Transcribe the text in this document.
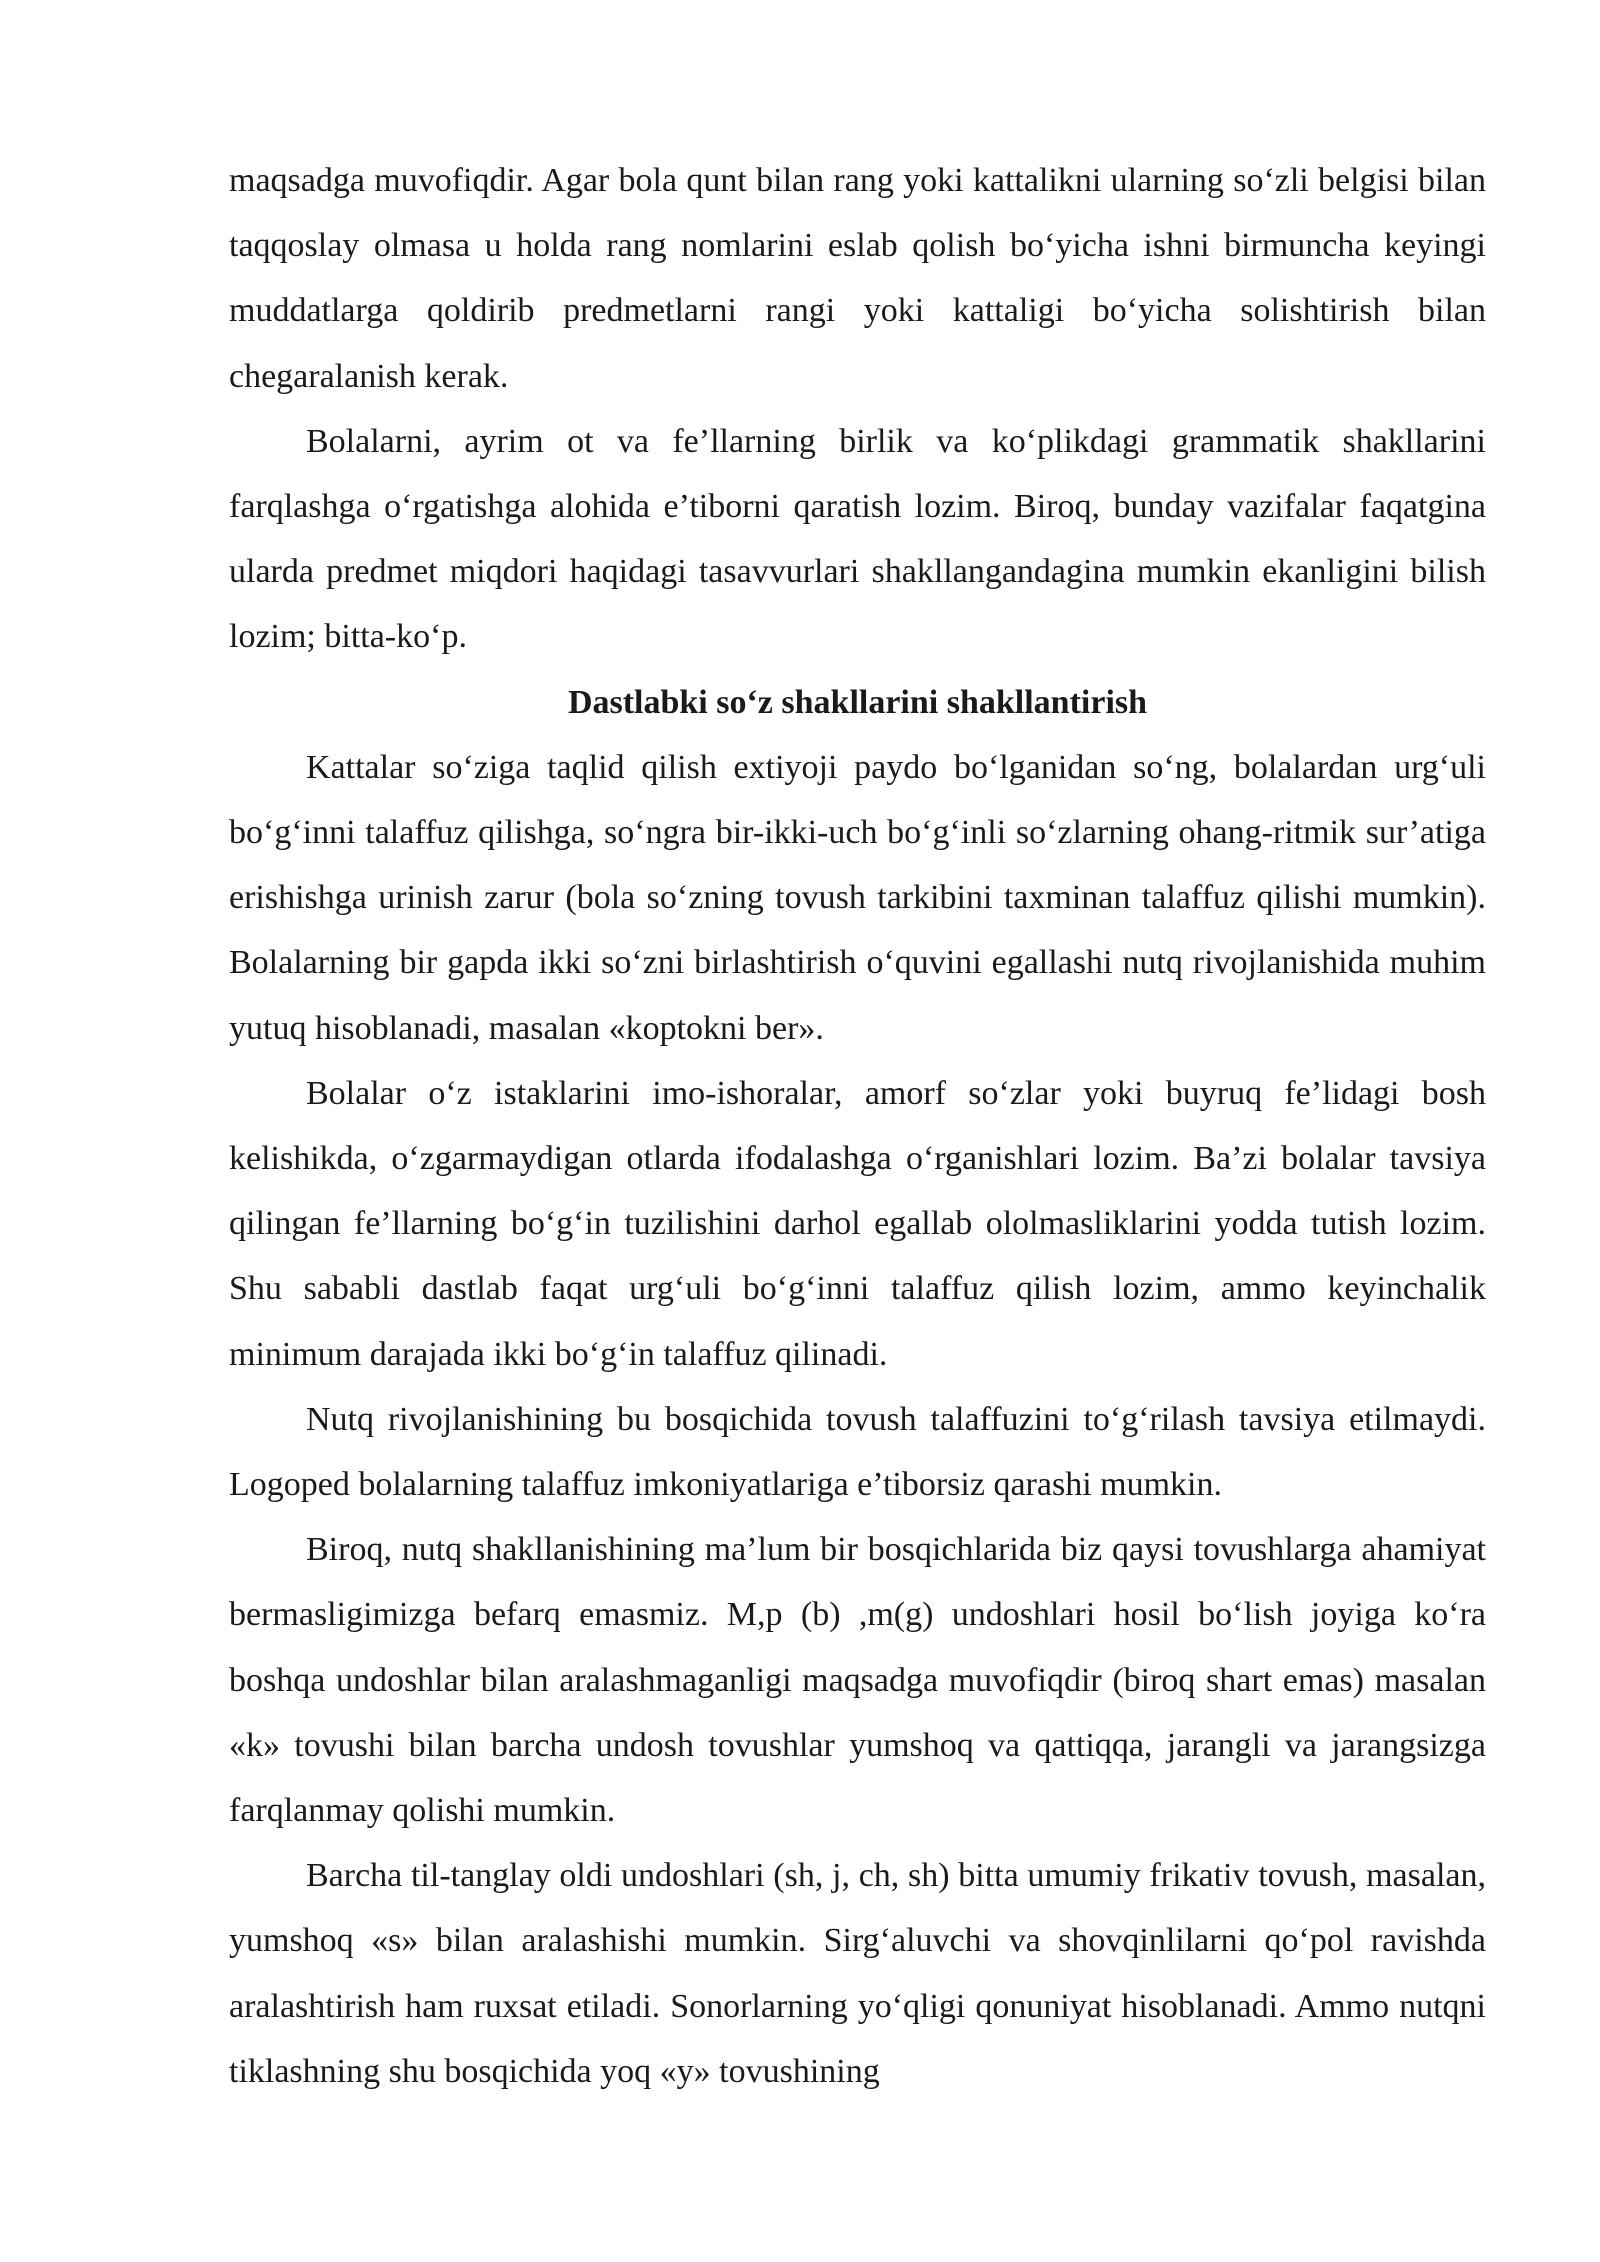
maqsadga muvofiqdir. Agar bola qunt bilan rang yoki kattalikni ularning so‘zli belgisi bilan taqqoslay olmasa u holda rang nomlarini eslab qolish bo‘yicha ishni birmuncha keyingi muddatlarga qoldirib predmetlarni rangi yoki kattaligi bo‘yicha solishtirish bilan chegaralanish kerak.

Bolalarni, ayrim ot va fe’llarning birlik va ko‘plikdagi grammatik shakllarini farqlashga o‘rgatishga alohida e’tiborni qaratish lozim. Biroq, bunday vazifalar faqatgina ularda predmet miqdori haqidagi tasavvurlari shakllangandagina mumkin ekanligini bilish lozim; bitta-ko‘p.

Dastlabki so‘z shakllarini shakllantirish

Kattalar so‘ziga taqlid qilish extiyoji paydo bo‘lganidan so‘ng, bolalardan urg‘uli bo‘g‘inni talaffuz qilishga, so‘ngra bir-ikki-uch bo‘g‘inli so‘zlarning ohang-ritmik sur’atiga erishishga urinish zarur (bola so‘zning tovush tarkibini taxminan talaffuz qilishi mumkin). Bolalarning bir gapda ikki so‘zni birlashtirish o‘quvini egallashi nutq rivojlanishida muhim yutuq hisoblanadi, masalan «koptokni ber».

Bolalar o‘z istaklarini imo-ishoralar, amorf so‘zlar yoki buyruq fe’lidagi bosh kelishikda, o‘zgarmaydigan otlarda ifodalashga o‘rganishlari lozim. Ba’zi bolalar tavsiya qilingan fe’llarning bo‘g‘in tuzilishini darhol egallab ololmasliklarini yodda tutish lozim. Shu sababli dastlab faqat urg‘uli bo‘g‘inni talaffuz qilish lozim, ammo keyinchalik minimum darajada ikki bo‘g‘in talaffuz qilinadi.

Nutq rivojlanishining bu bosqichida tovush talaffuzini to‘g‘rilash tavsiya etilmaydi. Logoped bolalarning talaffuz imkoniyatlariga e’tiborsiz qarashi mumkin.

Biroq, nutq shakllanishining ma’lum bir bosqichlarida biz qaysi tovushlarga ahamiyat bermasligimizga befarq emasmiz. M,p (b) ,m(g) undoshlari hosil bo‘lish joyiga ko‘ra boshqa undoshlar bilan aralashmaganligi maqsadga muvofiqdir (biroq shart emas) masalan «k» tovushi bilan barcha undosh tovushlar yumshoq va qattiqqa, jarangli va jarangsizga farqlanmay qolishi mumkin.

Barcha til-tanglay oldi undoshlari (sh, j, ch, sh) bitta umumiy frikativ tovush, masalan, yumshoq «s» bilan aralashishi mumkin. Sirg‘aluvchi va shovqinlilarni qo‘pol ravishda aralashtirish ham ruxsat etiladi. Sonorlarning yo‘qligi qonuniyat hisoblanadi. Ammo nutqni tiklashning shu bosqichida yoq «y» tovushining
